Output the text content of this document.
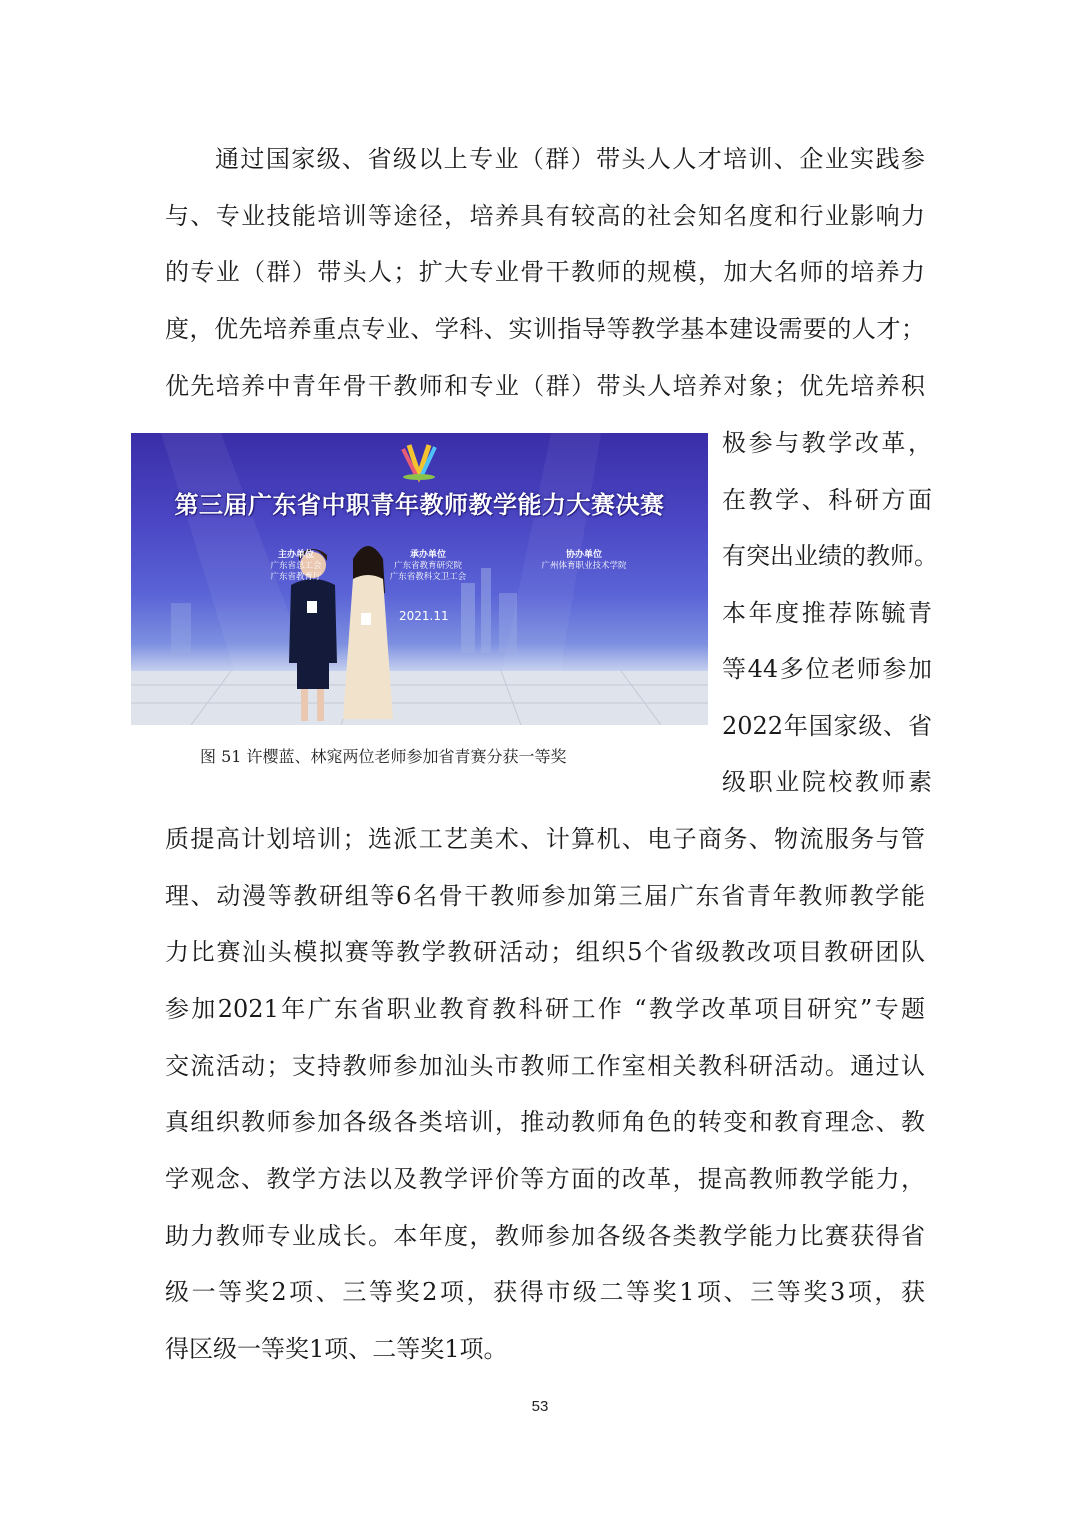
通过国家级、省级以上专业（群）带头人人才培训、企业实践参
与、专业技能培训等途径，培养具有较高的社会知名度和行业影响力
的专业（群）带头人；扩大专业骨干教师的规模，加大名师的培养力
度，优先培养重点专业、学科、实训指导等教学基本建设需要的人才；
优先培养中青年骨干教师和专业（群）带头人培养对象；优先培养积
第三届广东省中职青年教师教学能力大赛决赛
主办单位
广东省总工会
广东省教育厅
承办单位
广东省教育研究院
广东省教科文卫工会
协办单位
广州体育职业技术学院
2021.11
极参与教学改革，
在教学、科研方面
有突出业绩的教师。
本年度推荐陈毓青
等44多位老师参加
2022年国家级、省
级职业院校教师素
图 51 许樱蓝、林窕两位老师参加省青赛分获一等奖
质提高计划培训；选派工艺美术、计算机、电子商务、物流服务与管
理、动漫等教研组等6名骨干教师参加第三届广东省青年教师教学能
力比赛汕头模拟赛等教学教研活动；组织5个省级教改项目教研团队
参加2021年广东省职业教育教科研工作 “教学改革项目研究”专题
交流活动；支持教师参加汕头市教师工作室相关教科研活动。通过认
真组织教师参加各级各类培训，推动教师角色的转变和教育理念、教
学观念、教学方法以及教学评价等方面的改革，提高教师教学能力，
助力教师专业成长。本年度，教师参加各级各类教学能力比赛获得省
级一等奖2项、三等奖2项，获得市级二等奖1项、三等奖3项，获
得区级一等奖1项、二等奖1项。
53
